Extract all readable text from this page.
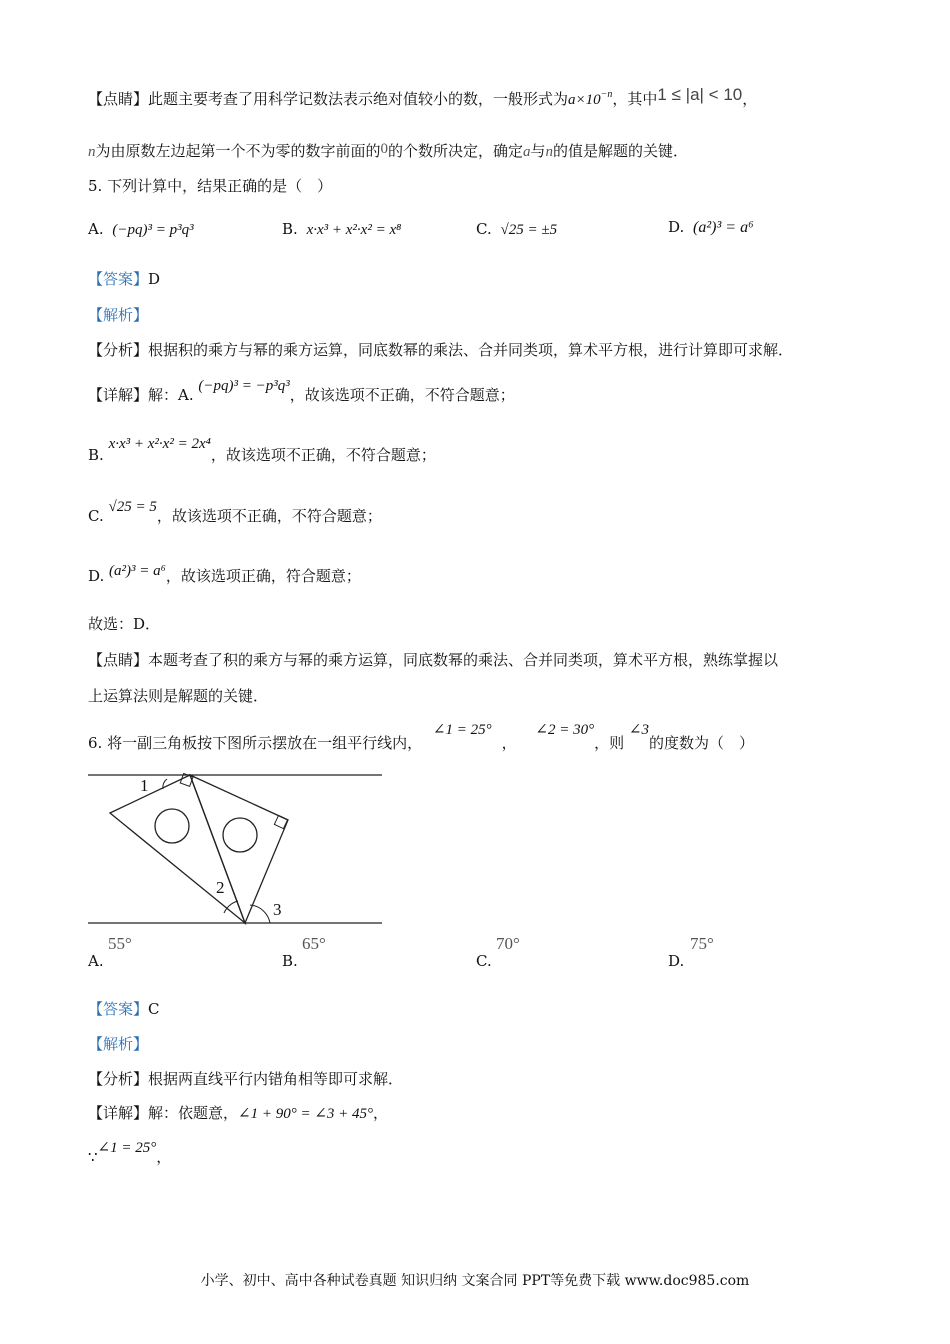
【点睛】此题主要考查了用科学记数法表示绝对值较小的数，一般形式为$a\times 10^{-n}$，其中1 ≤ |a| < 10，
n为由原数左边起第一个不为零的数字前面的0的个数所决定，确定a与n的值是解题的关键．
5. 下列计算中，结果正确的是（　）
A. (−pq)³ = p³q³	B. x·x³ + x²·x² = x⁸	C. √25 = ±5	D. (a²)³ = a⁶
【答案】D
【解析】
【分析】根据积的乘方与幂的乘方运算，同底数幂的乘法、合并同类项，算术平方根，进行计算即可求解．
【详解】解：A. (−pq)³ = −p³q³，故该选项不正确，不符合题意；
B. x·x³ + x²·x² = 2x⁴，故该选项不正确，不符合题意；
C. √25 = 5，故该选项不正确，不符合题意；
D. (a²)³ = a⁶，故该选项正确，符合题意；
故选：D．
【点睛】本题考查了积的乘方与幂的乘方运算，同底数幂的乘法、合并同类项，算术平方根，熟练掌握以
上运算法则是解题的关键．
6. 将一副三角板按下图所示摆放在一组平行线内， ∠1 = 25°， ∠2 = 30°，则 ∠3的度数为（　）
1
2
3
A.
55°
B.
65°
C.
70°
D.
75°
【答案】C
【解析】
【分析】根据两直线平行内错角相等即可求解．
【详解】解：依题意，∠1 + 90° = ∠3 + 45°，
∵∠1 = 25°，
小学、初中、高中各种试卷真题 知识归纳 文案合同 PPT等免费下载 www.doc985.com
